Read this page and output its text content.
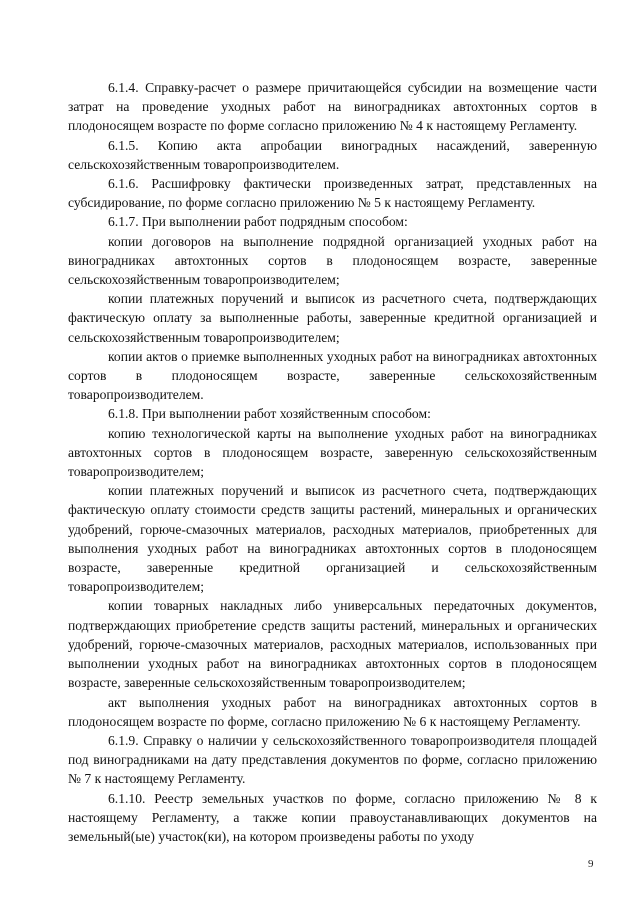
6.1.4. Справку-расчет о размере причитающейся субсидии на возмещение части затрат на проведение уходных работ на виноградниках автохтонных сортов в плодоносящем возрасте по форме согласно приложению № 4 к настоящему Регламенту.

6.1.5. Копию акта апробации виноградных насаждений, заверенную сельскохозяйственным товаропроизводителем.

6.1.6. Расшифровку фактически произведенных затрат, представленных на субсидирование, по форме согласно приложению № 5 к настоящему Регламенту.

6.1.7. При выполнении работ подрядным способом:

копии договоров на выполнение подрядной организацией уходных работ на виноградниках автохтонных сортов в плодоносящем возрасте, заверенные сельскохозяйственным товаропроизводителем;

копии платежных поручений и выписок из расчетного счета, подтверждающих фактическую оплату за выполненные работы, заверенные кредитной организацией и сельскохозяйственным товаропроизводителем;

копии актов о приемке выполненных уходных работ на виноградниках автохтонных сортов в плодоносящем возрасте, заверенные сельскохозяйственным товаропроизводителем.

6.1.8. При выполнении работ хозяйственным способом:

копию технологической карты на выполнение уходных работ на виноградниках автохтонных сортов в плодоносящем возрасте, заверенную сельскохозяйственным товаропроизводителем;

копии платежных поручений и выписок из расчетного счета, подтверждающих фактическую оплату стоимости средств защиты растений, минеральных и органических удобрений, горюче-смазочных материалов, расходных материалов, приобретенных для выполнения уходных работ на виноградниках автохтонных сортов в плодоносящем возрасте, заверенные кредитной организацией и сельскохозяйственным товаропроизводителем;

копии товарных накладных либо универсальных передаточных документов, подтверждающих приобретение средств защиты растений, минеральных и органических удобрений, горюче-смазочных материалов, расходных материалов, использованных при выполнении уходных работ на виноградниках автохтонных сортов в плодоносящем возрасте, заверенные сельскохозяйственным товаропроизводителем;

акт выполнения уходных работ на виноградниках автохтонных сортов в плодоносящем возрасте по форме, согласно приложению № 6 к настоящему Регламенту.

6.1.9. Справку о наличии у сельскохозяйственного товаропроизводителя площадей под виноградниками на дату представления документов по форме, согласно приложению № 7 к настоящему Регламенту.

6.1.10. Реестр земельных участков по форме, согласно приложению № 8 к настоящему Регламенту, а также копии правоустанавливающих документов на земельный(ые) участок(ки), на котором произведены работы по уходу

9
